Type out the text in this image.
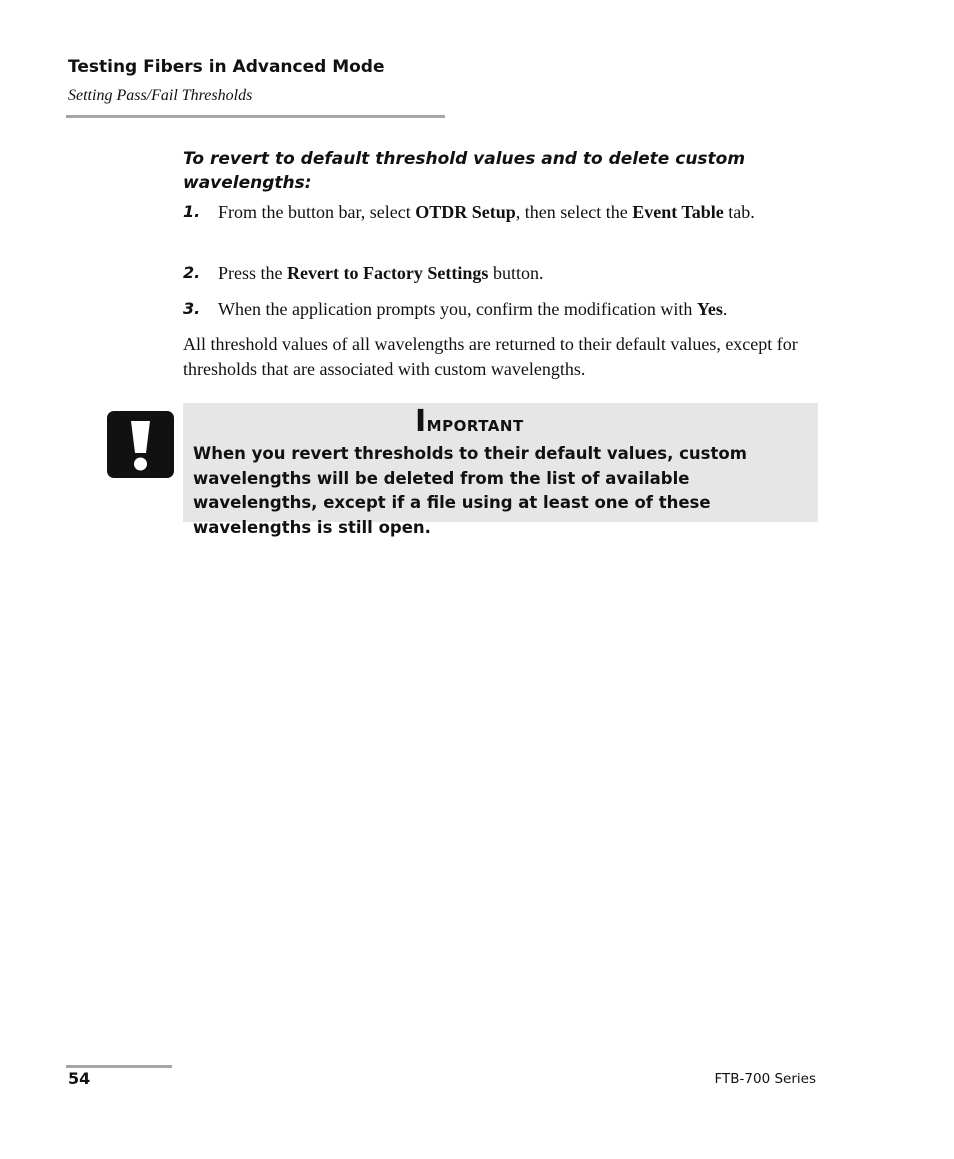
Testing Fibers in Advanced Mode
Setting Pass/Fail Thresholds
To revert to default threshold values and to delete custom wavelengths:
1. From the button bar, select OTDR Setup, then select the Event Table tab.
2. Press the Revert to Factory Settings button.
3. When the application prompts you, confirm the modification with Yes.
All threshold values of all wavelengths are returned to their default values, except for thresholds that are associated with custom wavelengths.
Important
When you revert thresholds to their default values, custom wavelengths will be deleted from the list of available wavelengths, except if a file using at least one of these wavelengths is still open.
54	FTB-700 Series
